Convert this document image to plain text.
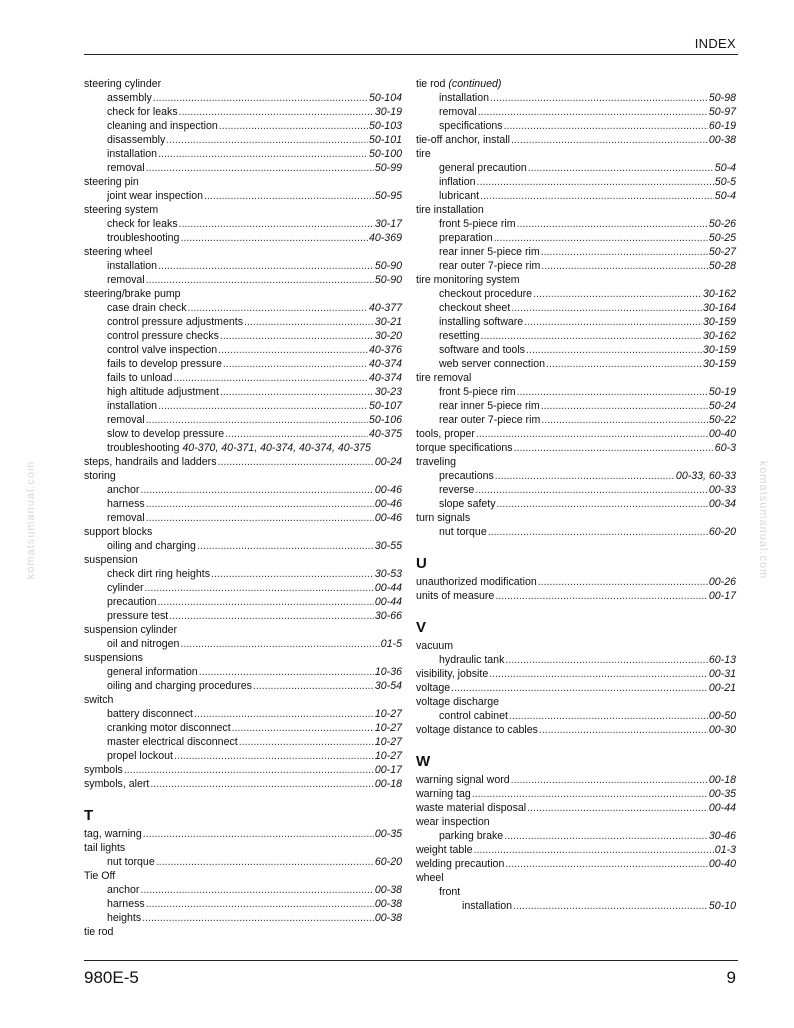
INDEX
komatsumanual.com	komatsumanual.com
steering cylinder
assembly .....	50-104
check for leaks .....	30-19
cleaning and inspection .....	50-103
disassembly .....	50-101
installation .....	50-100
removal .....	50-99
steering pin
joint wear inspection .....	50-95
steering system
check for leaks .....	30-17
troubleshooting .....	40-369
steering wheel
installation .....	50-90
removal .....	50-90
steering/brake pump
case drain check .....	40-377
control pressure adjustments .....	30-21
control pressure checks .....	30-20
control valve inspection .....	40-376
fails to develop pressure .....	40-374
fails to unload .....	40-374
high altitude adjustment .....	30-23
installation .....	50-107
removal .....	50-106
slow to develop pressure .....	40-375
troubleshooting 40-370, 40-371, 40-374, 40-374, 40-375
steps, handrails and ladders .....	00-24
storing
anchor .....	00-46
harness .....	00-46
removal .....	00-46
support blocks
oiling and charging .....	30-55
suspension
check dirt ring heights .....	30-53
cylinder .....	00-44
precaution .....	00-44
pressure test .....	30-66
suspension cylinder
oil and nitrogen .....	01-5
suspensions
general information .....	10-36
oiling and charging procedures .....	30-54
switch
battery disconnect .....	10-27
cranking motor disconnect .....	10-27
master electrical disconnect .....	10-27
propel lockout .....	10-27
symbols .....	00-17
symbols, alert .....	00-18
T
tag, warning .....	00-35
tail lights
nut torque .....	60-20
Tie Off
anchor .....	00-38
harness .....	00-38
heights .....	00-38
tie rod
tie rod (continued)
installation .....	50-98
removal .....	50-97
specifications .....	60-19
tie-off anchor, install .....	00-38
tire
general precaution .....	50-4
inflation .....	50-5
lubricant .....	50-4
tire installation
front 5-piece rim .....	50-26
preparation .....	50-25
rear inner 5-piece rim .....	50-27
rear outer 7-piece rim .....	50-28
tire monitoring system
checkout procedure .....	30-162
checkout sheet .....	30-164
installing software .....	30-159
resetting .....	30-162
software and tools .....	30-159
web server connection .....	30-159
tire removal
front 5-piece rim .....	50-19
rear inner 5-piece rim .....	50-24
rear outer 7-piece rim .....	50-22
tools, proper .....	00-40
torque specifications .....	60-3
traveling
precautions .....	00-33, 60-33
reverse .....	00-33
slope safety .....	00-34
turn signals
nut torque .....	60-20
U
unauthorized modification .....	00-26
units of measure .....	00-17
V
vacuum
hydraulic tank .....	60-13
visibility, jobsite .....	00-31
voltage .....	00-21
voltage discharge
control cabinet .....	00-50
voltage distance to cables .....	00-30
W
warning signal word .....	00-18
warning tag .....	00-35
waste material disposal .....	00-44
wear inspection
parking brake .....	30-46
weight table .....	01-3
welding precaution .....	00-40
wheel
front
installation .....	50-10
980E-5	9
